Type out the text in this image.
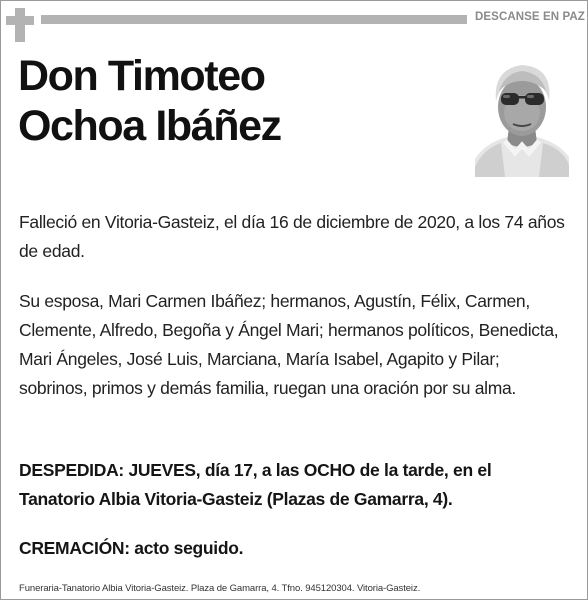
DESCANSE EN PAZ
Don Timoteo
Ochoa Ibáñez
Falleció en Vitoria-Gasteiz, el día 16 de diciembre de 2020, a los 74 años de edad.
Su esposa, Mari Carmen Ibáñez; hermanos, Agustín, Félix, Carmen, Clemente, Alfredo, Begoña y Ángel Mari; hermanos políticos, Benedicta, Mari Ángeles, José Luis, Marciana, María Isabel, Agapito y Pilar; sobrinos, primos y demás familia, ruegan una oración por su alma.
DESPEDIDA: JUEVES, día 17, a las OCHO de la tarde, en el Tanatorio Albia Vitoria-Gasteiz (Plazas de Gamarra, 4).
CREMACIÓN: acto seguido.
Funeraria-Tanatorio Albia Vitoria-Gasteiz. Plaza de Gamarra, 4. Tfno. 945120304. Vitoria-Gasteiz.
